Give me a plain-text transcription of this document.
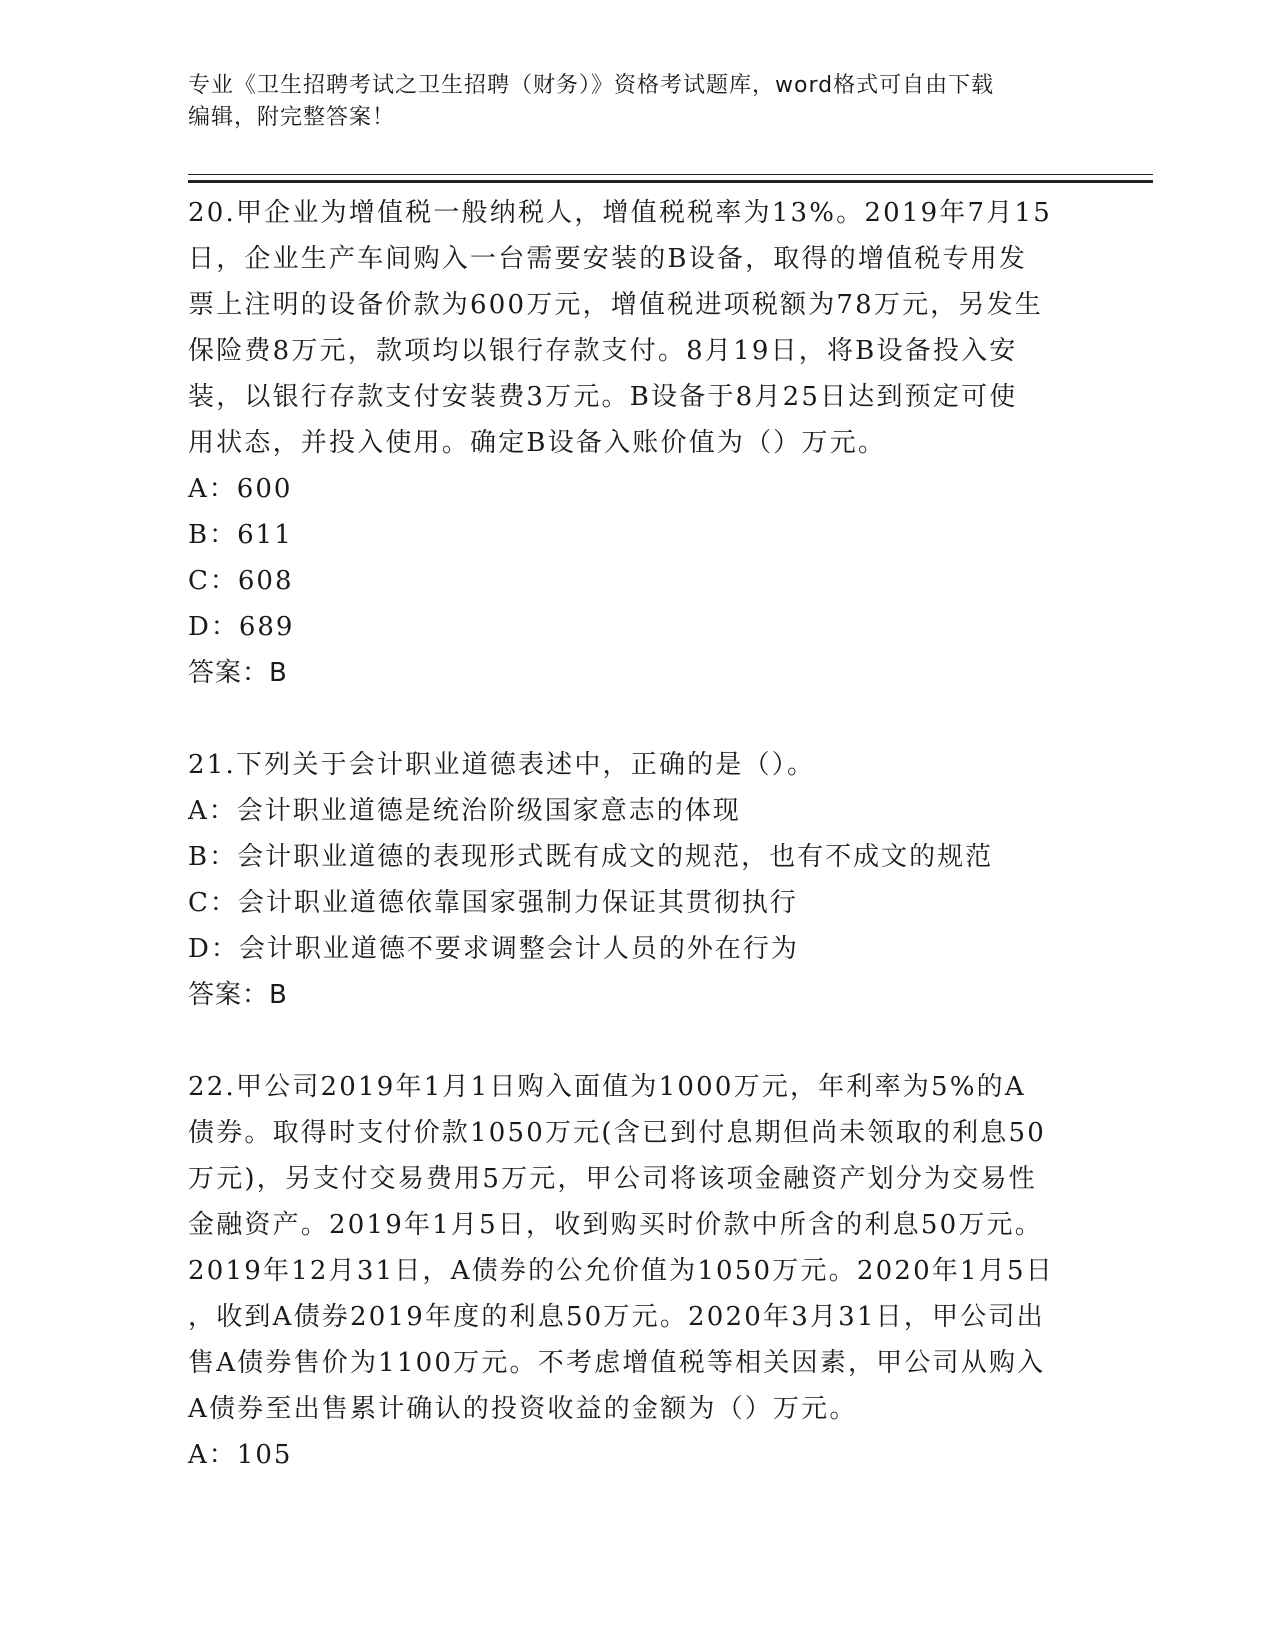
专业《卫生招聘考试之卫生招聘（财务）》资格考试题库，word格式可自由下载
编辑，附完整答案！

20.甲企业为增值税一般纳税人，增值税税率为13%。2019年7月15

日，企业生产车间购入一台需要安装的B设备，取得的增值税专用发

票上注明的设备价款为600万元，增值税进项税额为78万元，另发生

保险费8万元，款项均以银行存款支付。8月19日，将B设备投入安

装，以银行存款支付安装费3万元。B设备于8月25日达到预定可使

用状态，并投入使用。确定B设备入账价值为（）万元。

A：600

B：611

C：608

D：689

答案：B

21.下列关于会计职业道德表述中，正确的是（）。

A：会计职业道德是统治阶级国家意志的体现

B：会计职业道德的表现形式既有成文的规范，也有不成文的规范

C：会计职业道德依靠国家强制力保证其贯彻执行

D：会计职业道德不要求调整会计人员的外在行为

答案：B

22.甲公司2019年1月1日购入面值为1000万元，年利率为5%的A

债券。取得时支付价款1050万元(含已到付息期但尚未领取的利息50

万元)，另支付交易费用5万元，甲公司将该项金融资产划分为交易性

金融资产。2019年1月5日，收到购买时价款中所含的利息50万元。

2019年12月31日，A债券的公允价值为1050万元。2020年1月5日

，收到A债券2019年度的利息50万元。2020年3月31日，甲公司出

售A债券售价为1100万元。不考虑增值税等相关因素，甲公司从购入

A债券至出售累计确认的投资收益的金额为（）万元。

A：105
